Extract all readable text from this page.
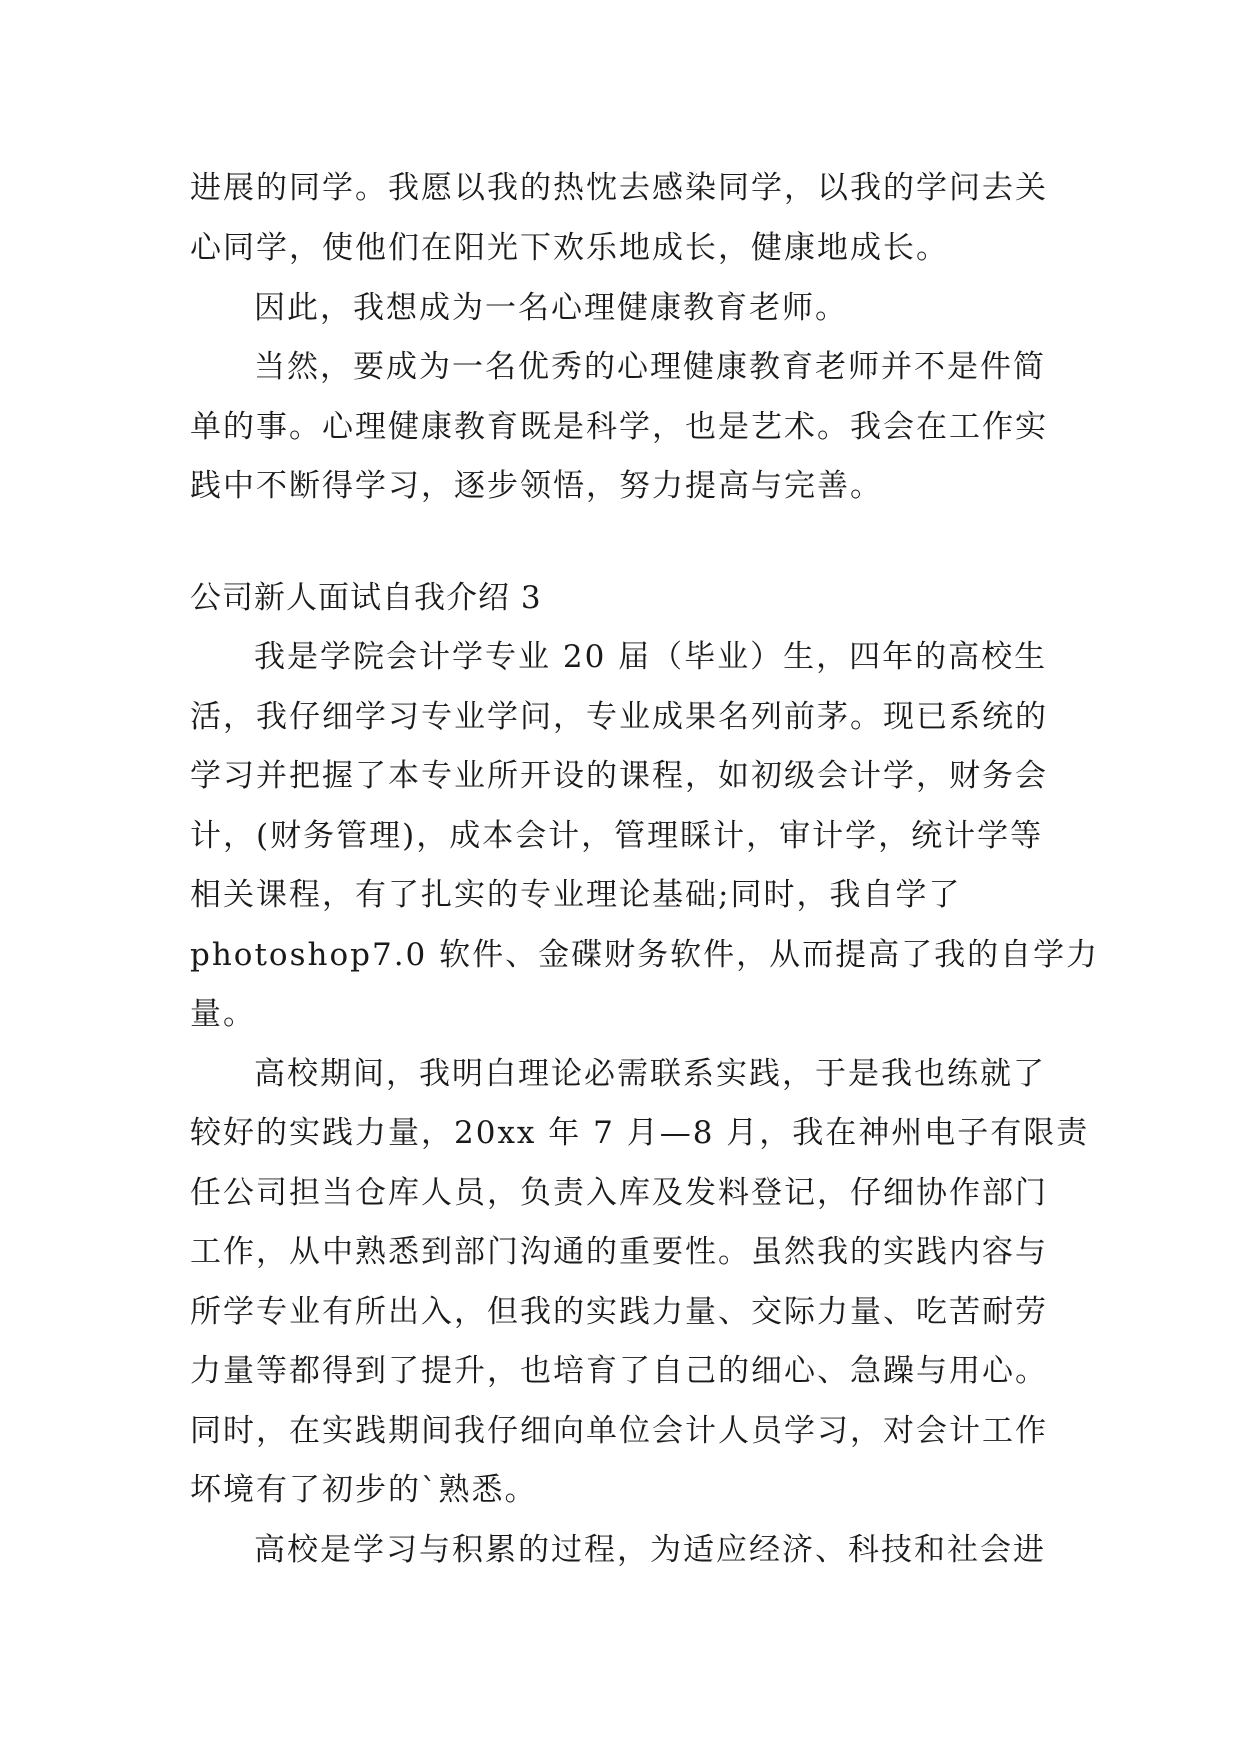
进展的同学。我愿以我的热忱去感染同学，以我的学问去关
心同学，使他们在阳光下欢乐地成长，健康地成长。
因此，我想成为一名心理健康教育老师。
当然，要成为一名优秀的心理健康教育老师并不是件简
单的事。心理健康教育既是科学，也是艺术。我会在工作实
践中不断得学习，逐步领悟，努力提高与完善。
公司新人面试自我介绍 3
我是学院会计学专业 20 届（毕业）生，四年的高校生
活，我仔细学习专业学问，专业成果名列前茅。现已系统的
学习并把握了本专业所开设的课程，如初级会计学，财务会
计，(财务管理)，成本会计，管理睬计，审计学，统计学等
相关课程，有了扎实的专业理论基础;同时，我自学了
photoshop7.0 软件、金碟财务软件，从而提高了我的自学力
量。
高校期间，我明白理论必需联系实践，于是我也练就了
较好的实践力量，20xx 年 7 月—8 月，我在神州电子有限责
任公司担当仓库人员，负责入库及发料登记，仔细协作部门
工作，从中熟悉到部门沟通的重要性。虽然我的实践内容与
所学专业有所出入，但我的实践力量、交际力量、吃苦耐劳
力量等都得到了提升，也培育了自己的细心、急躁与用心。
同时，在实践期间我仔细向单位会计人员学习，对会计工作
坏境有了初步的`熟悉。
高校是学习与积累的过程，为适应经济、科技和社会进
